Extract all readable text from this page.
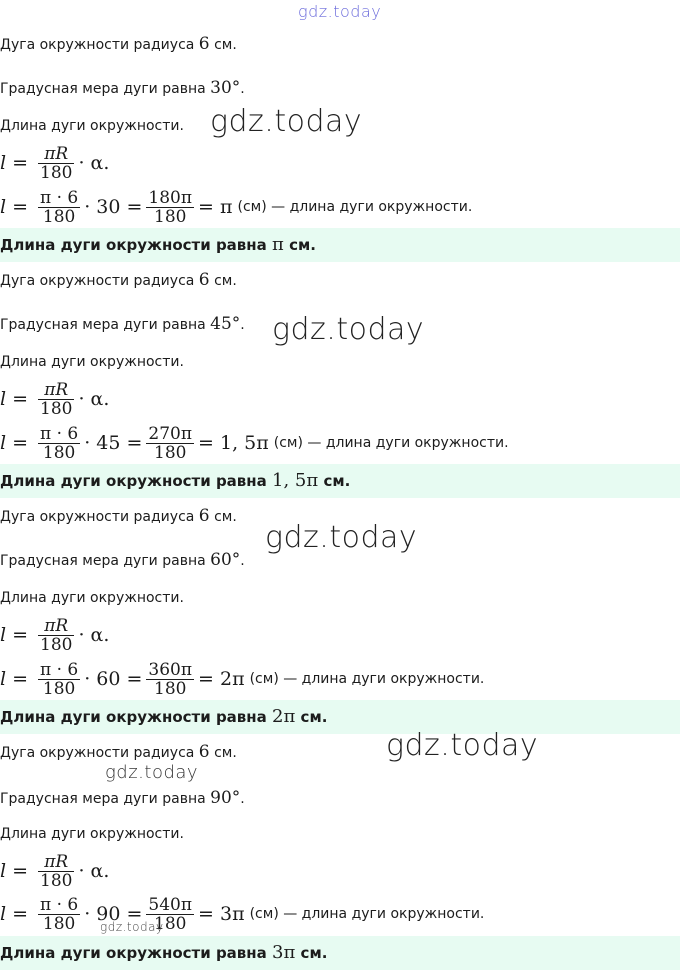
gdz.today
Дуга окружности радиуса 6 см.
Градусная мера дуги равна 30°.
Длина дуги окружности. gdz.today
$l = \frac{\pi R}{180} \cdot \alpha$.
$l = \frac{\pi \cdot 6}{180} \cdot 30 = \frac{180\pi}{180} = \pi$ (см) — длина дуги окружности.
Длина дуги окружности равна π см.
Дуга окружности радиуса 6 см.
Градусная мера дуги равна 45°. gdz.today
Длина дуги окружности.
$l = \frac{\pi R}{180} \cdot \alpha$.
$l = \frac{\pi \cdot 6}{180} \cdot 45 = \frac{270\pi}{180} = 1$, 5π (см) — длина дуги окружности.
Длина дуги окружности равна 1, 5π см.
Дуга окружности радиуса 6 см.
gdz.today
Градусная мера дуги равна 60°.
Длина дуги окружности.
$l = \frac{\pi R}{180} \cdot \alpha$.
$l = \frac{\pi \cdot 6}{180} \cdot 60 = \frac{360\pi}{180} = 2\pi$ (см) — длина дуги окружности.
Длина дуги окружности равна 2π см.
Дуга окружности радиуса 6 см.	gdz.today
gdz.today
Градусная мера дуги равна 90°.
Длина дуги окружности.
$l = \frac{\pi R}{180} \cdot \alpha$.
$l = \frac{\pi \cdot 6}{180} \cdot 90 = \frac{540\pi}{180} = 3\pi$ (см) — длина дуги окружности.
gdz.today
Длина дуги окружности равна 3π см.
